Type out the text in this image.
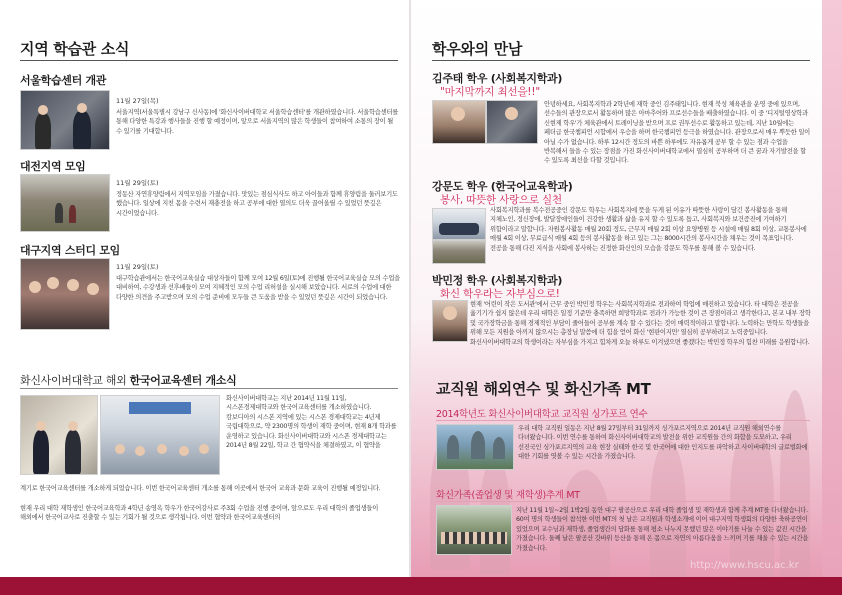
지역 학습관 소식
서울학습센터 개관
11월 27일(목)

서울지역(서울특별시 강남구 신사동)에 '화신사이버대학교 서울학습센터'를 개관하였습니다. 서울학습센터를 통해 다양한 특강과 행사들을 진행 할 예정이며, 앞으로 서울지역의 많은 학생들이 참여하여 소통의 장이 될 수 있기를 기대합니다.

대전지역 모임
11월 29일(토)

정동산 자연휴양림에서 지역모임을 가졌습니다. 맛있는 점심식사도 하고 아이들과 함께 휴양림을 둘러보기도 했습니다. 일상에 지친 몸을 수련서 재충전을 하고 공부에 대한 열의도 더욱 끌어올릴 수 있었던 뜻깊은 시간이었습니다.

대구지역 스터디 모임
11월 29일(토)

대구학습관에서는 한국어교육실습 대상자들이 함께 모여 12월 6일(토)에 진행될 한국어교육실습 모의 수업을 대비하여, 수강생과 선후배들이 모여 지혜적인 모의 수업 리허설을 실시해 보았습니다. 서로의 수업에 대한 다양한 의견을 주고받으며 모의 수업 준비에 모두들 큰 도움을 받을 수 있었던 뜻깊은 시간이 되었습니다.

화신사이버대학교 해외 한국어교육센터 개소식

화신사이버대학교는 지난 2014년 11월 11일, 시스폰경제대학교와 한국어교육센터를 개소하였습니다. 캄보디아의 시스폰 지역에 있는 시스폰 경제대학교는 4년제 국립대학으로, 약 2300명의 학생이 재학 중이며, 현재 8개 학과를 운영하고 있습니다. 화신사이버대학교와 시스폰 경제대학교는 2014년 8월 22일, 학교 간 협약식을 체결하였고, 이 협약을

계기로 한국어교육센터를 개소하게 되었습니다. 이번 한국어교육센터 개소를 통해 이곳에서 한국어 교육과 문화 교육이 진행될 예정입니다.

현재 우리 대학 재학생인 한국어교육학과 4학년 송영옥 학우가 한국어강사로 주3회 수업을 진행 중이며, 앞으로도 우리 대학의 졸업생들이 해외에서 한국어교사로 진출할 수 있는 기회가 될 것으로 생각됩니다. 이번 협약과 한국어교육센터의

화신사이버대학교
http://www.hscu.ac.kr
학우와의 만남
김주태 학우 (사회복지학과)

"마지막까지 최선을!!"

안녕하세요, 사회복지학과 2학년에 재학 중인 김주태입니다. 현재 북성 체육관을 운영 중에 있으며, 선수들의 관장으로서 활동하며 많은 아마추어와 프로선수들을 배출하였습니다. 이 중 '디지털영상학과 신현제 학우'가 체육관에서 트레이닝을 받으며 프로 권투선수로 활동하고 있는데, 지난 10월에는 페더급 한국챔피언 시합에서 우승을 하며 한국챔피언 등극을 하였습니다. 관장으로서 매우 뿌듯한 일이 아닐 수가 없습니다. 하루 12시간 정도의 바쁜 하루에도 자유롭게 공부 할 수 있는 점과 수업을 반복해서 들을 수 있는 장점을 가진 화신사이버대학교에서 열심히 공부하며 더 큰 꿈과 자기발전을 할 수 있도록 최선을 다할 것입니다.

강문도 학우 (한국어교육학과)

봉사, 따뜻한 사랑으로 실천

사회복지학과를 복수전공중인 강문도 학우는 사회복지에 뜻을 두게 된 이유가 따뜻한 사랑이 담긴 봉사활동을 통해 지체노인, 정신장애, 발달장애인들이 건강한 생활과 삶을 유지 할 수 있도록 돕고, 사회복지와 보건증진에 기여하기 위함이라고 말합니다. 자원봉사활동 매월 20회 정도, 근무지 매월 2회 이상 요양병원 등 시설에 매월 8회 이상, 교통봉사에 매월 4회 이상, 무료급식 매월 4회 등의 봉사활동을 하고 있는 그는 8000시간의 봉사시간을 채우는 것이 목표입니다. 전공을 통해 다진 지식을 사회에 봉사하는 진정한 화신인의 모습을 강문도 학우를 통해 볼 수 있습니다.

박민정 학우 (사회복지학과)

화신 학우라는 자부심으로!

현재 '어린이 작은 도서관'에서 근무 중인 박민정 학우는 사회복지학과로 전과하여 학업에 매진하고 있습니다. 타 대학은 전공을 옮기기가 쉽지 않은데 우리 대학은 일정 기준만 충족하면 희망학과로 전과가 가능한 것이 큰 장점이라고 생각한다고, 본교 내부 장학 및 국가장학금을 통해 경제적인 부담이 줄어들어 공부를 계속 할 수 있다는 것이 매력적이라고 말합니다. 노력하는 만학도 학생들을 위해 모든 지원을 아끼지 않으시는 총장님 말씀에 더 힘을 얻어 화신 '현판이지만' 열심히 공부하려고 노력중입니다. 화신사이버대학교의 학생이라는 자부심을 가지고 힘차게 오늘 하루도 이겨냈으면 좋겠다는 박민정 학우의 힘찬 미래를 응원합니다.

교직원 해외연수 및 화신가족 MT

2014학년도 화신사이버대학교 교직원 싱가포르 연수

우리 대학 교직원 일동은 지난 8월 27일부터 31일까지 싱가포르지역으로 2014년 교직원 해외연수를 다녀왔습니다. 이번 연수를 통하여 화신사이버대학교의 발전을 위한 교직원들 간의 화합을 도모하고, 우리 선진국인 싱가포르지역의 교육 현장 실태와 한국 및 한국어에 대한 인지도를 파악하고 사이버대학의 글로벌화에 대한 기회를 엿볼 수 있는 시간을 가졌습니다.

화신가족(졸업생 및 재학생)추계 MT

지난 11월 1일~2일 1박2일 동안 대구 팔공산으로 우리 대학 졸업생 및 재학생과 함께 추계 MT를 다녀왔습니다. 60여 명의 학생들이 참석한 이번 MT의 첫 날은 교직원과 학생소개에 이어 대구지역 학생회의 다양한 축하공연이 있었으며 교수님과 재학생, 졸업생간의 담화를 통해 평소 나누지 못했던 많은 이야기를 나눌 수 있는 값진 시간을 가졌습니다. 둘째 날은 팔공산 갓바위 등산을 통해 온 몸으로 자연의 아름다움을 느끼며 기를 채울 수 있는 시간을 가졌습니다.

http://www.hscu.ac.kr
